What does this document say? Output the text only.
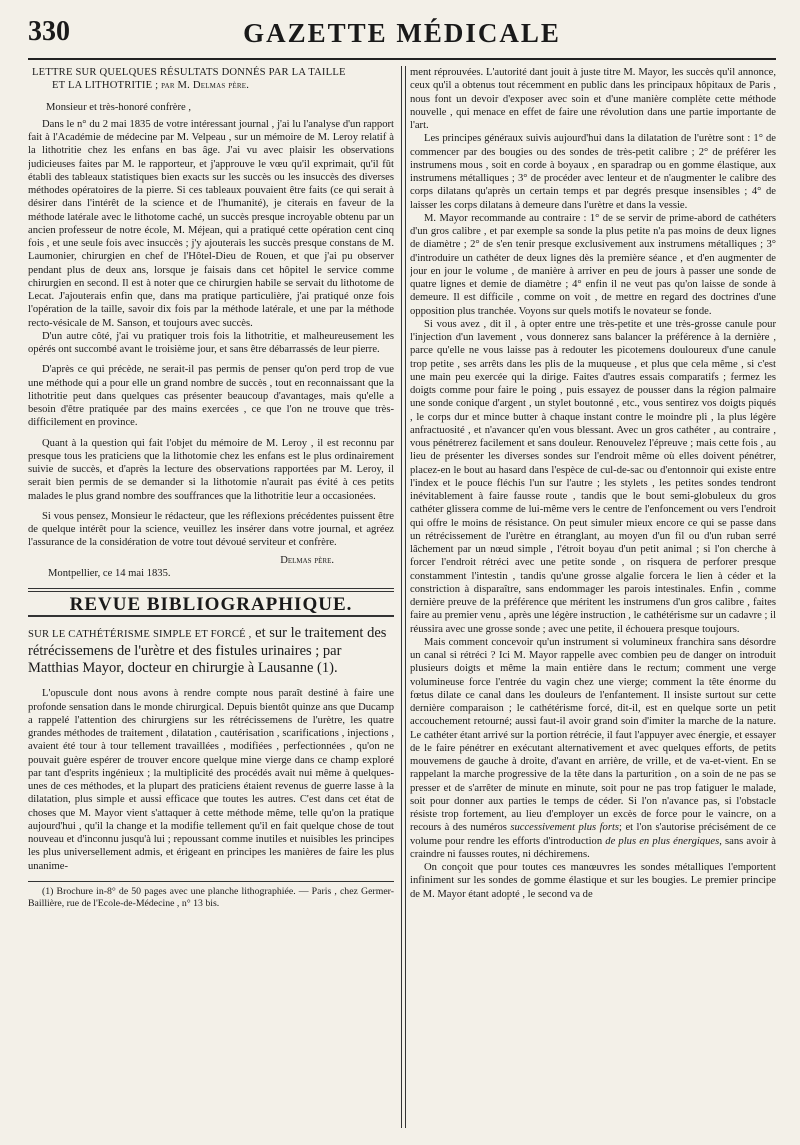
330	GAZETTE MÉDICALE
LETTRE SUR QUELQUES RÉSULTATS DONNÉS PAR LA TAILLE
ET LA LITHOTRITIE ; par M. Delmas père.

Monsieur et très-honoré confrère ,

Dans le n° du 2 mai 1835 de votre intéressant journal , j'ai lu l'analyse d'un rapport fait à l'Académie de médecine par M. Velpeau , sur un mémoire de M. Leroy relatif à la lithotritie chez les enfans en bas âge. J'ai vu avec plaisir les observations judicieuses faites par M. le rapporteur, et j'approuve le vœu qu'il exprimait, qu'il fût établi des tableaux statistiques bien exacts sur les succès ou les insuccès des diverses méthodes opératoires de la pierre. Si ces tableaux pouvaient être faits (ce qui serait à désirer dans l'intérêt de la science et de l'humanité), je citerais en faveur de la méthode latérale avec le lithotome caché, un succès presque incroyable obtenu par un ancien professeur de notre école, M. Méjean, qui a pratiqué cette opération cent cinq fois , et une seule fois avec insuccès ; j'y ajouterais les succès presque constans de M. Laumonier, chirurgien en chef de l'Hôtel-Dieu de Rouen, et que j'ai pu observer pendant plus de deux ans, lorsque je faisais dans cet hôpitel le service comme chirurgien en second. Il est à noter que ce chirurgien habile se servait du lithotome de Lecat. J'ajouterais enfin que, dans ma pratique particulière, j'ai pratiqué onze fois l'opération de la taille, savoir dix fois par la méthode latérale, et une par la méthode recto-vésicale de M. Sanson, et toujours avec succès.

D'un autre côté, j'ai vu pratiquer trois fois la lithotritie, et malheureusement les opérés ont succombé avant le troisième jour, et sans être débarrassés de leur pierre.

D'après ce qui précède, ne serait-il pas permis de penser qu'on perd trop de vue une méthode qui a pour elle un grand nombre de succès , tout en reconnaissant que la lithotritie peut dans quelques cas présenter beaucoup d'avantages, mais qu'elle a besoin d'être pratiquée par des mains exercées , ce que l'on ne trouve que très-difficilement en province.

Quant à la question qui fait l'objet du mémoire de M. Leroy , il est reconnu par presque tous les praticiens que la lithotomie chez les enfans est le plus ordinairement suivie de succès, et d'après la lecture des observations rapportées par M. Leroy, il serait bien permis de se demander si la lithotomie n'aurait pas évité à ces petits malades le plus grand nombre des souffrances que la lithotritie leur a occasionées.

Si vous pensez, Monsieur le rédacteur, que les réflexions précédentes puissent être de quelque intérêt pour la science, veuillez les insérer dans votre journal, et agréez l'assurance de la considération de votre tout dévoué serviteur et confrère.

Delmas père.
Montpellier, ce 14 mai 1835.
REVUE BIBLIOGRAPHIQUE.
SUR LE CATHÉTÉRISME SIMPLE ET FORCÉ , et sur le traitement des rétrécissemens de l'urètre et des fistules urinaires ; par Matthias Mayor, docteur en chirurgie à Lausanne (1).

L'opuscule dont nous avons à rendre compte nous paraît destiné à faire une profonde sensation dans le monde chirurgical. Depuis bientôt quinze ans que Ducamp a rappelé l'attention des chirurgiens sur les rétrécissemens de l'urètre, les quatre grandes méthodes de traitement , dilatation , cautérisation , scarifications , injections , avaient été tour à tour tellement travaillées , modifiées , perfectionnées , qu'on ne pouvait guère espérer de trouver encore quelque mine vierge dans ce champ exploré par tant d'esprits ingénieux ; la multiplicité des procédés avait nui même à quelques-unes de ces méthodes, et la plupart des praticiens étaient revenus de guerre lasse à la dilatation, plus simple et aussi efficace que toutes les autres. C'est dans cet état de choses que M. Mayor vient s'attaquer à cette méthode même, telle qu'on la pratique aujourd'hui , qu'il la change et la modifie tellement qu'il en fait quelque chose de tout nouveau et d'inconnu jusqu'à lui ; repoussant comme inutiles et nuisibles les principes les plus universellement admis, et érigeant en principes les manières de faire les plus unanime-

(1) Brochure in-8° de 50 pages avec une planche lithographiée. — Paris , chez Germer-Baillière, rue de l'Ecole-de-Médecine , n° 13 bis.

ment réprouvées. L'autorité dant jouit à juste titre M. Mayor, les succès qu'il annonce, ceux qu'il a obtenus tout récemment en public dans les principaux hôpitaux de Paris , nous font un devoir d'exposer avec soin et d'une manière complète cette méthode nouvelle , qui menace en effet de faire une révolution dans une partie importante de l'art.

Les principes généraux suivis aujourd'hui dans la dilatation de l'urètre sont : 1° de commencer par des bougies ou des sondes de très-petit calibre ; 2° de préférer les instrumens mous , soit en corde à boyaux , en sparadrap ou en gomme élastique, aux instrumens métalliques ; 3° de procéder avec lenteur et de n'augmenter le calibre des corps dilatans qu'après un certain temps et par degrés presque insensibles ; 4° de laisser les corps dilatans à demeure dans l'urètre et dans la vessie.

M. Mayor recommande au contraire : 1° de se servir de prime-abord de cathéters d'un gros calibre , et par exemple sa sonde la plus petite n'a pas moins de deux lignes de diamètre ; 2° de s'en tenir presque exclusivement aux instrumens métalliques ; 3° d'introduire un cathéter de deux lignes dès la première séance , et d'en augmenter de jour en jour le volume , de manière à arriver en peu de jours à passer une sonde de quatre lignes et demie de diamètre ; 4° enfin il ne veut pas qu'on laisse de sonde à demeure. Il est difficile , comme on voit , de mettre en regard des doctrines d'une opposition plus tranchée. Voyons sur quels motifs le novateur se fonde.

Si vous avez , dit il , à opter entre une très-petite et une très-grosse canule pour l'injection d'un lavement , vous donnerez sans balancer la préférence à la dernière , parce qu'elle ne vous laisse pas à redouter les picotemens douloureux d'une canule trop petite , ses arrêts dans les plis de la muqueuse , et plus que cela même , si c'est une main peu exercée qui la dirige. Faites d'autres essais comparatifs ; fermez les doigts comme pour faire le poing , puis essayez de pousser dans la région palmaire une sonde conique d'argent , un stylet boutonné , etc., vous sentirez vos doigts piqués , le corps dur et mince butter à chaque instant contre le moindre pli , la plus légère anfractuosité , et n'avancer qu'en vous blessant. Avec un gros cathéter , au contraire , vous pénétrerez facilement et sans douleur. Renouvelez l'épreuve ; mais cette fois , au lieu de présenter les diverses sondes sur l'endroit même où elles doivent pénétrer, placez-en le bout au hasard dans l'espèce de cul-de-sac ou d'entonnoir qui existe entre l'index et le pouce fléchis l'un sur l'autre ; les stylets , les petites sondes tendront inévitablement à faire fausse route , tandis que le bout semi-globuleux du gros cathéter glissera comme de lui-même vers le centre de l'enfoncement ou vers l'endroit qui offre le moins de résistance. On peut simuler mieux encore ce qui se passe dans un rétrécissement de l'urètre en étranglant, au moyen d'un fil ou d'un ruban serré lâchement par un nœud simple , l'étroit boyau d'un petit animal ; si l'on cherche à forcer l'endroit rétréci avec une petite sonde , on risquera de perforer presque constamment l'intestin , tandis qu'une grosse algalie forcera le lien à céder et la constriction à disparaître, sans endommager les parois intestinales. Enfin , comme dernière preuve de la préférence que méritent les instrumens d'un gros calibre , faites faire au premier venu , après une légère instruction , le cathétérisme sur un cadavre ; il réussira avec une grosse sonde ; avec une petite, il échouera presque toujours.

Mais comment concevoir qu'un instrument si volumineux franchira sans désordre un canal si rétréci ? Ici M. Mayor rappelle avec combien peu de danger on introduit plusieurs doigts et même la main entière dans le rectum; comment une verge volumineuse force l'entrée du vagin chez une vierge; comment la tête énorme du fœtus dilate ce canal dans les douleurs de l'enfantement. Il insiste surtout sur cette dernière comparaison ; le cathétérisme forcé, dit-il, est en quelque sorte un petit accouchement retourné; aussi faut-il avoir grand soin d'imiter la marche de la nature. Le cathéter étant arrivé sur la portion rétrécie, il faut l'appuyer avec énergie, et essayer de le faire pénétrer en exécutant alternativement et avec quelques efforts, de petits mouvemens de gauche à droite, d'avant en arrière, de vrille, et de va-et-vient. En se rappelant la marche progressive de la tête dans la parturition , on a soin de ne pas se presser et de s'arrêter de minute en minute, soit pour ne pas trop fatiguer le malade, soit pour donner aux parties le temps de céder. Si l'on n'avance pas, si l'obstacle résiste trop fortement, au lieu d'employer un excès de force pour le vaincre, on a recours à des numéros successivement plus forts; et l'on s'autorise précisément de ce volume pour rendre les efforts d'introduction de plus en plus énergiques, sans avoir à craindre ni fausses routes, ni déchiremens.

On conçoit que pour toutes ces manœuvres les sondes métalliques l'emportent infiniment sur les sondes de gomme élastique et sur les bougies. Le premier principe de M. Mayor étant adopté , le second va de
